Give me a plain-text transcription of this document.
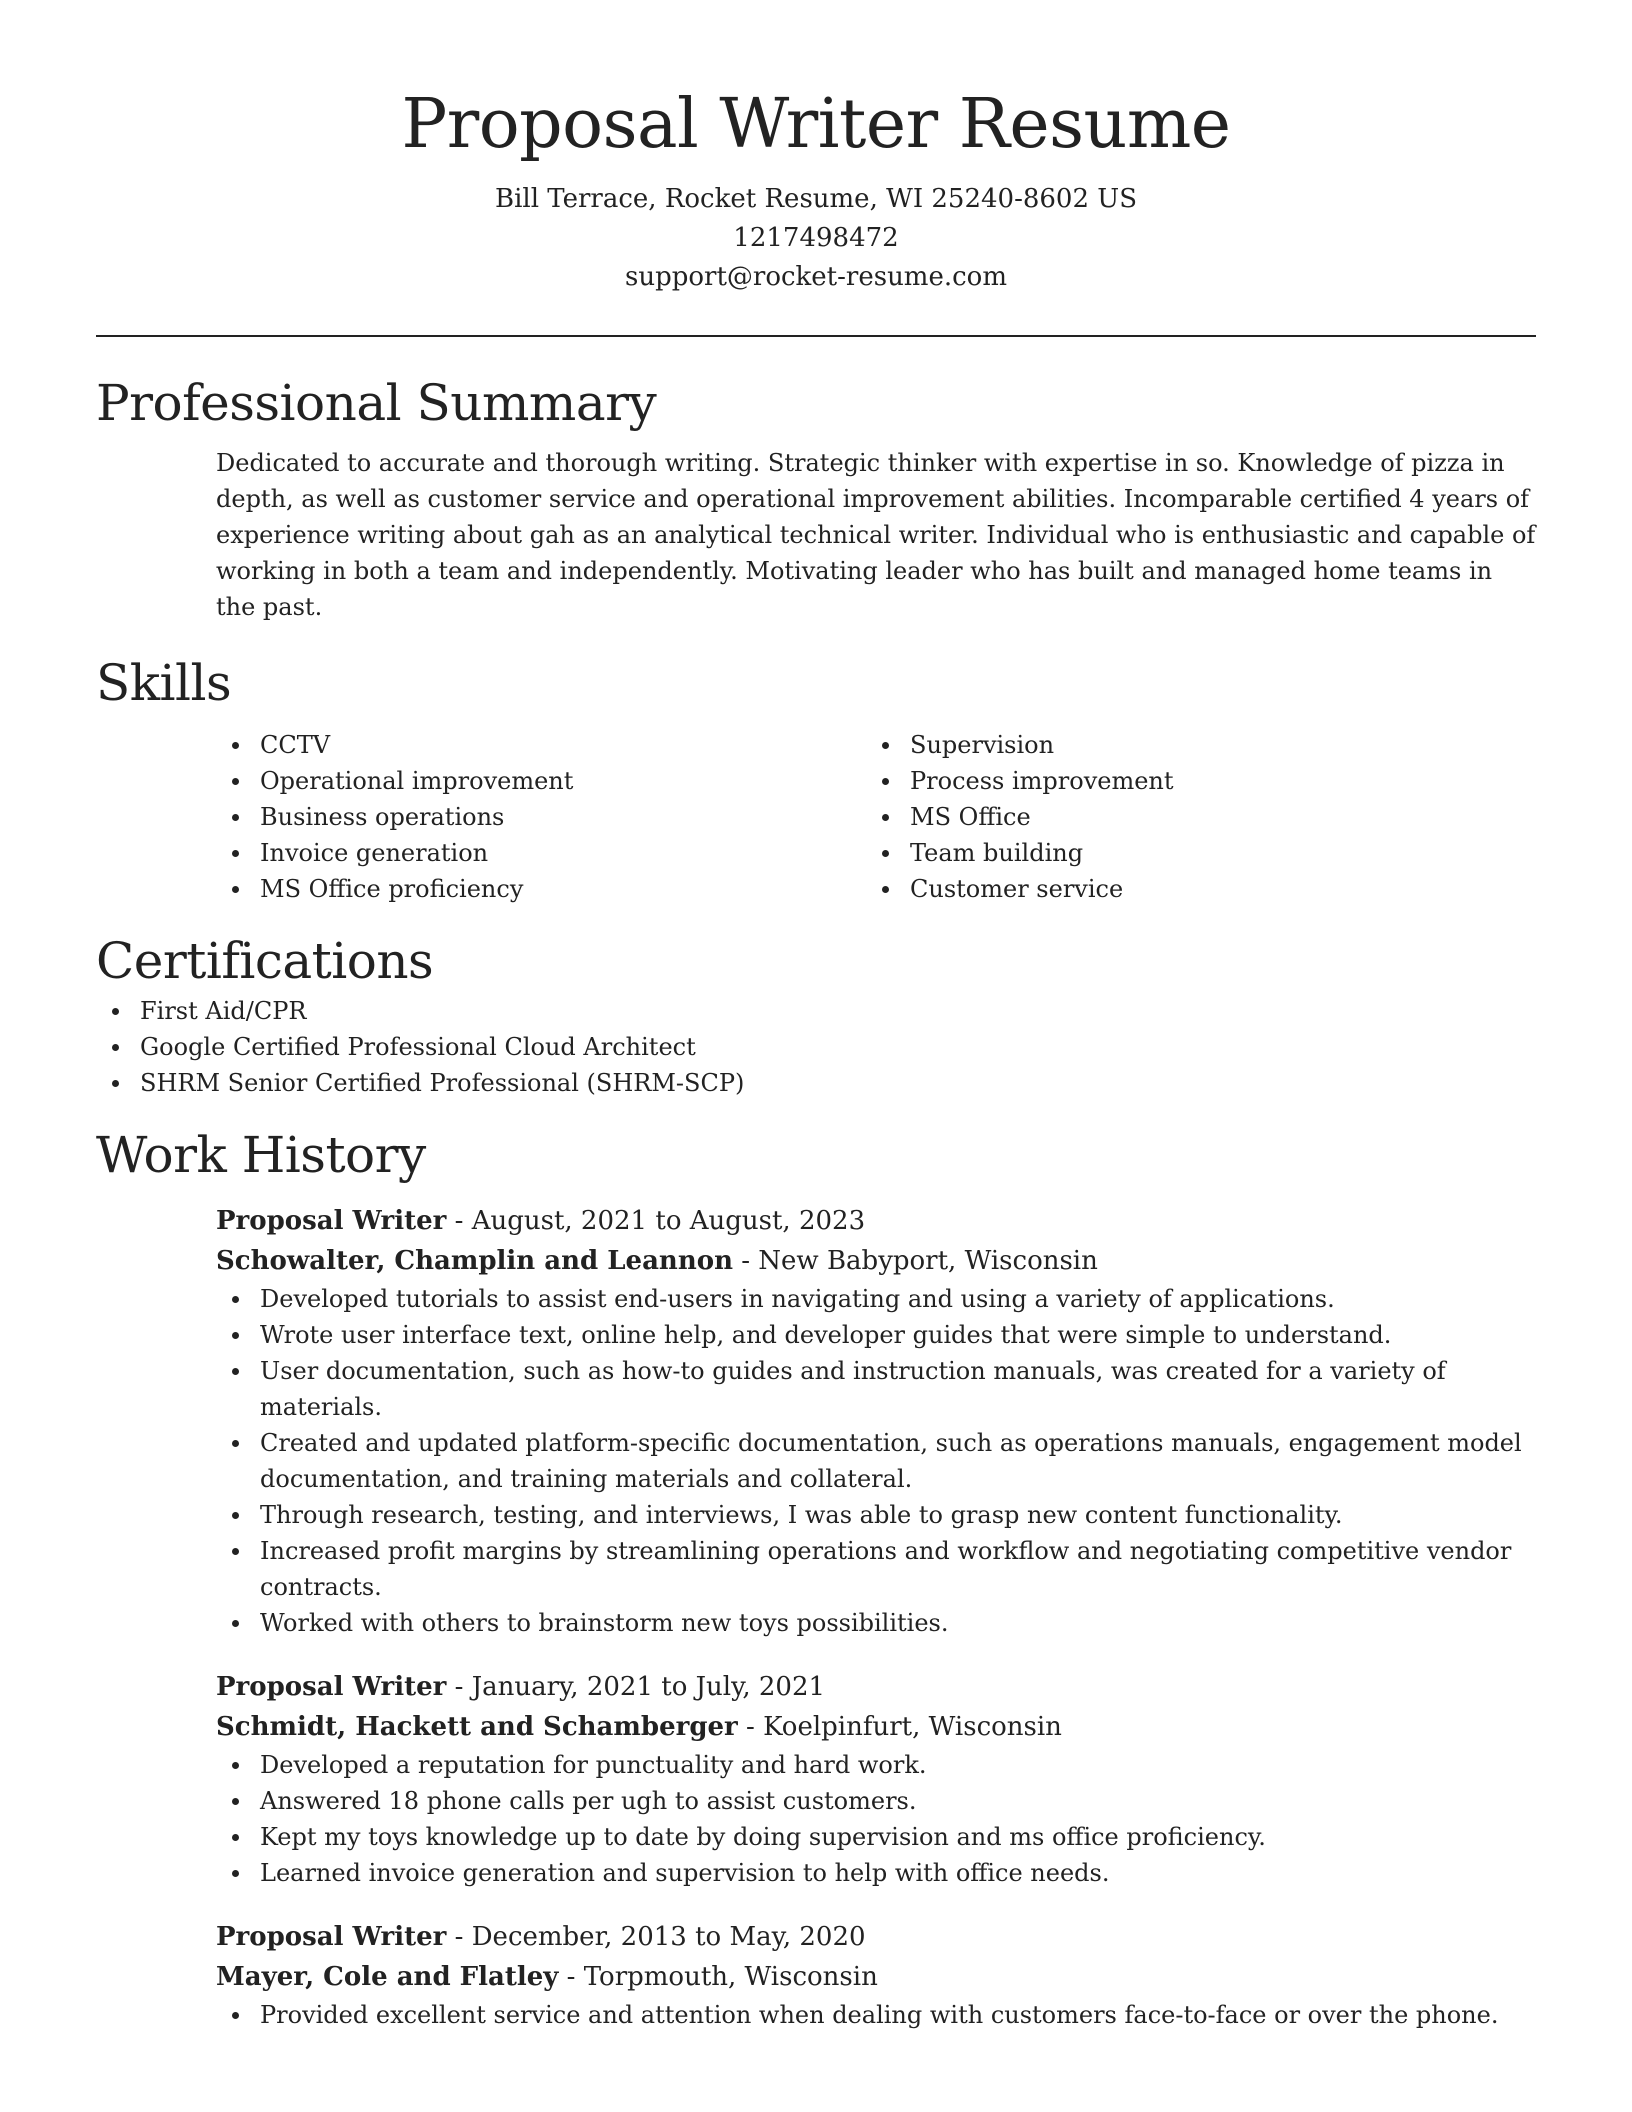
Proposal Writer Resume

Bill Terrace, Rocket Resume, WI 25240-8602 US

1217498472

support@rocket-resume.com

Professional Summary

Dedicated to accurate and thorough writing. Strategic thinker with expertise in so. Knowledge of pizza in depth, as well as customer service and operational improvement abilities. Incomparable certified 4 years of experience writing about gah as an analytical technical writer. Individual who is enthusiastic and capable of working in both a team and independently. Motivating leader who has built and managed home teams in the past.

Skills
CCTV
Operational improvement
Business operations
Invoice generation
MS Office proficiency
Supervision
Process improvement
MS Office
Team building
Customer service
Certifications
First Aid/CPR
Google Certified Professional Cloud Architect
SHRM Senior Certified Professional (SHRM-SCP)
Work History

Proposal Writer - August, 2021 to August, 2023

Schowalter, Champlin and Leannon - New Babyport, Wisconsin

Developed tutorials to assist end-users in navigating and using a variety of applications.
Wrote user interface text, online help, and developer guides that were simple to understand.
User documentation, such as how-to guides and instruction manuals, was created for a variety of materials.
Created and updated platform-specific documentation, such as operations manuals, engagement model documentation, and training materials and collateral.
Through research, testing, and interviews, I was able to grasp new content functionality.
Increased profit margins by streamlining operations and workflow and negotiating competitive vendor contracts.
Worked with others to brainstorm new toys possibilities.

Proposal Writer - January, 2021 to July, 2021

Schmidt, Hackett and Schamberger - Koelpinfurt, Wisconsin

Developed a reputation for punctuality and hard work.
Answered 18 phone calls per ugh to assist customers.
Kept my toys knowledge up to date by doing supervision and ms office proficiency.
Learned invoice generation and supervision to help with office needs.

Proposal Writer - December, 2013 to May, 2020

Mayer, Cole and Flatley - Torpmouth, Wisconsin

Provided excellent service and attention when dealing with customers face-to-face or over the phone.
